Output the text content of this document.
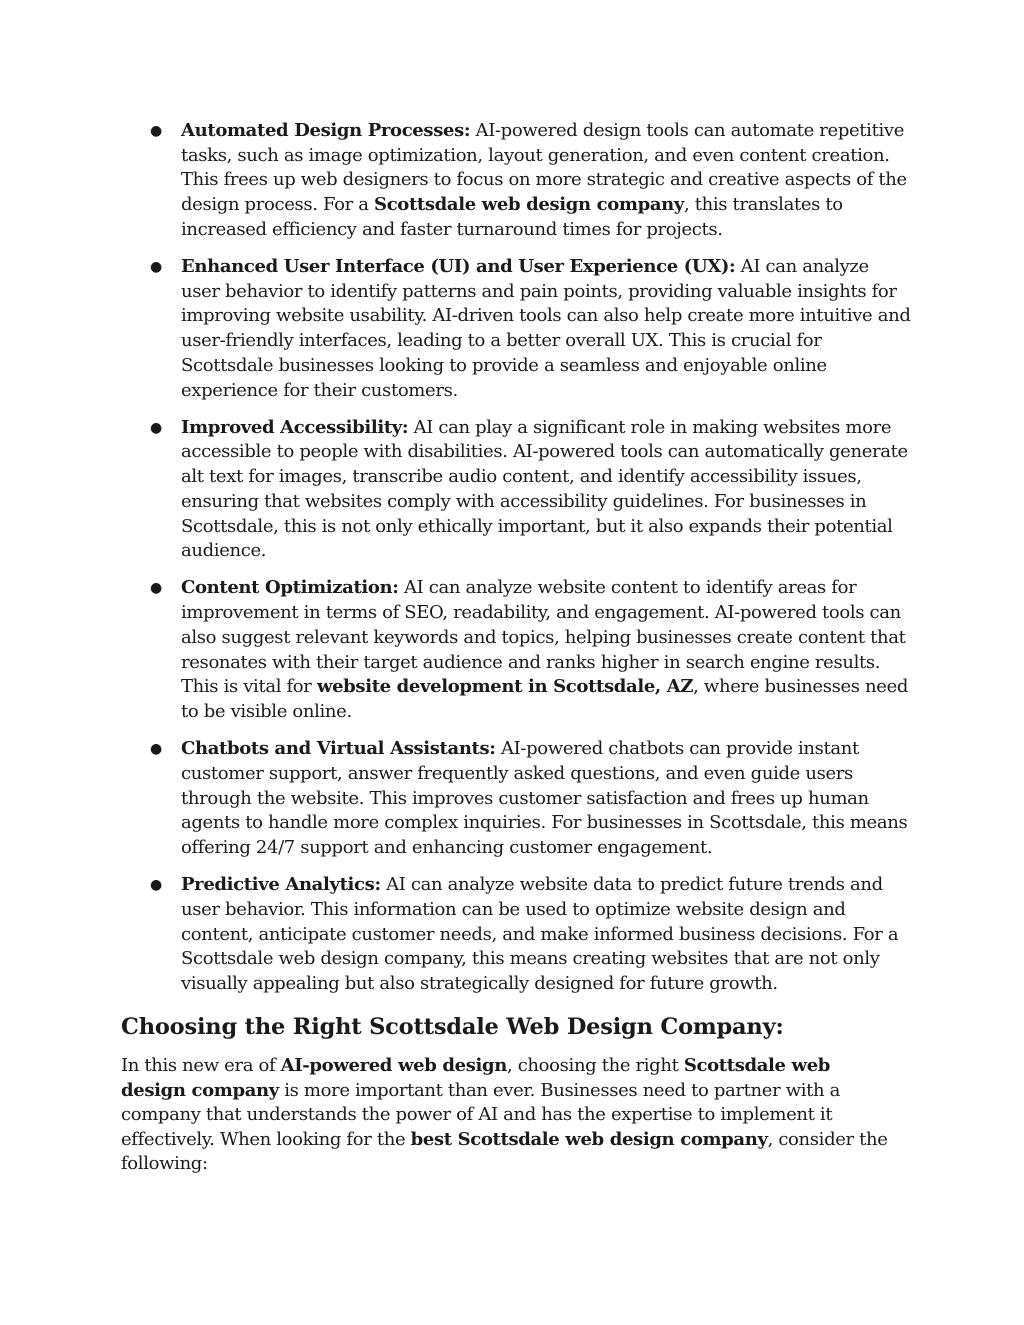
● Automated Design Processes: AI-powered design tools can automate repetitive tasks, such as image optimization, layout generation, and even content creation. This frees up web designers to focus on more strategic and creative aspects of the design process. For a Scottsdale web design company, this translates to increased efficiency and faster turnaround times for projects.
● Enhanced User Interface (UI) and User Experience (UX): AI can analyze user behavior to identify patterns and pain points, providing valuable insights for improving website usability. AI-driven tools can also help create more intuitive and user-friendly interfaces, leading to a better overall UX. This is crucial for Scottsdale businesses looking to provide a seamless and enjoyable online experience for their customers.
● Improved Accessibility: AI can play a significant role in making websites more accessible to people with disabilities. AI-powered tools can automatically generate alt text for images, transcribe audio content, and identify accessibility issues, ensuring that websites comply with accessibility guidelines. For businesses in Scottsdale, this is not only ethically important, but it also expands their potential audience.
● Content Optimization: AI can analyze website content to identify areas for improvement in terms of SEO, readability, and engagement. AI-powered tools can also suggest relevant keywords and topics, helping businesses create content that resonates with their target audience and ranks higher in search engine results. This is vital for website development in Scottsdale, AZ, where businesses need to be visible online.
● Chatbots and Virtual Assistants: AI-powered chatbots can provide instant customer support, answer frequently asked questions, and even guide users through the website. This improves customer satisfaction and frees up human agents to handle more complex inquiries. For businesses in Scottsdale, this means offering 24/7 support and enhancing customer engagement.
● Predictive Analytics: AI can analyze website data to predict future trends and user behavior. This information can be used to optimize website design and content, anticipate customer needs, and make informed business decisions. For a Scottsdale web design company, this means creating websites that are not only visually appealing but also strategically designed for future growth.
Choosing the Right Scottsdale Web Design Company:

In this new era of AI-powered web design, choosing the right Scottsdale web design company is more important than ever. Businesses need to partner with a company that understands the power of AI and has the expertise to implement it effectively. When looking for the best Scottsdale web design company, consider the following:
